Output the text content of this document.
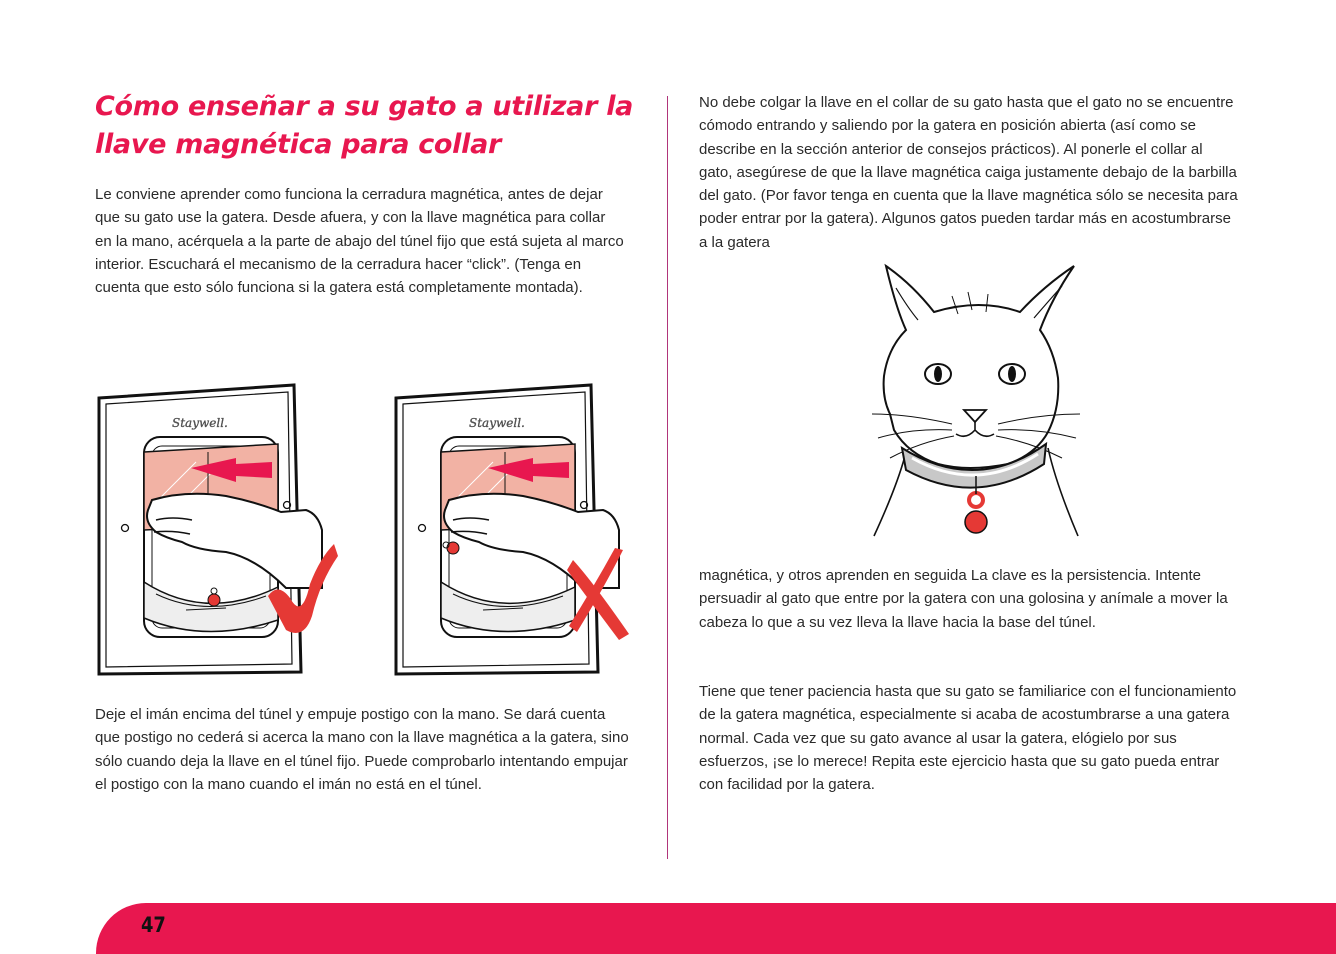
Cómo enseñar a su gato a utilizar la llave magnética para collar

Le conviene aprender como funciona la cerradura magnética, antes de dejar que su gato use la gatera. Desde afuera, y con la llave magnética para collar en la mano, acérquela a la parte de abajo del túnel fijo que está sujeta al marco interior. Escuchará el mecanismo de la cerradura hacer “click”. (Tenga en cuenta que esto sólo funciona si la gatera está completamente montada).

Staywell.	Staywell.

Deje el imán encima del túnel y empuje postigo con la mano. Se dará cuenta que postigo no cederá si acerca la mano con la llave magnética a la gatera, sino sólo cuando deja la llave en el túnel fijo. Puede comprobarlo intentando empujar el postigo con la mano cuando el imán no está en el túnel.

No debe colgar la llave en el collar de su gato hasta que el gato no se encuentre cómodo entrando y saliendo por la gatera en posición abierta (así como se describe en la sección anterior de consejos prácticos). Al ponerle el collar al gato, asegúrese de que la llave magnética caiga justamente debajo de la barbilla del gato. (Por favor tenga en cuenta que la llave magnética sólo se necesita para poder entrar por la gatera). Algunos gatos pueden tardar más en acostumbrarse a la gatera

magnética, y otros aprenden en seguida La clave es la persistencia. Intente persuadir al gato que entre por la gatera con una golosina y anímale a mover la cabeza lo que a su vez lleva la llave hacia la base del túnel.

Tiene que tener paciencia hasta que su gato se familiarice con el funcionamiento de la gatera magnética, especialmente si acaba de acostumbrarse a una gatera normal. Cada vez que su gato avance al usar la gatera, elógielo por sus esfuerzos, ¡se lo merece! Repita este ejercicio hasta que su gato pueda entrar con facilidad por la gatera.

47
